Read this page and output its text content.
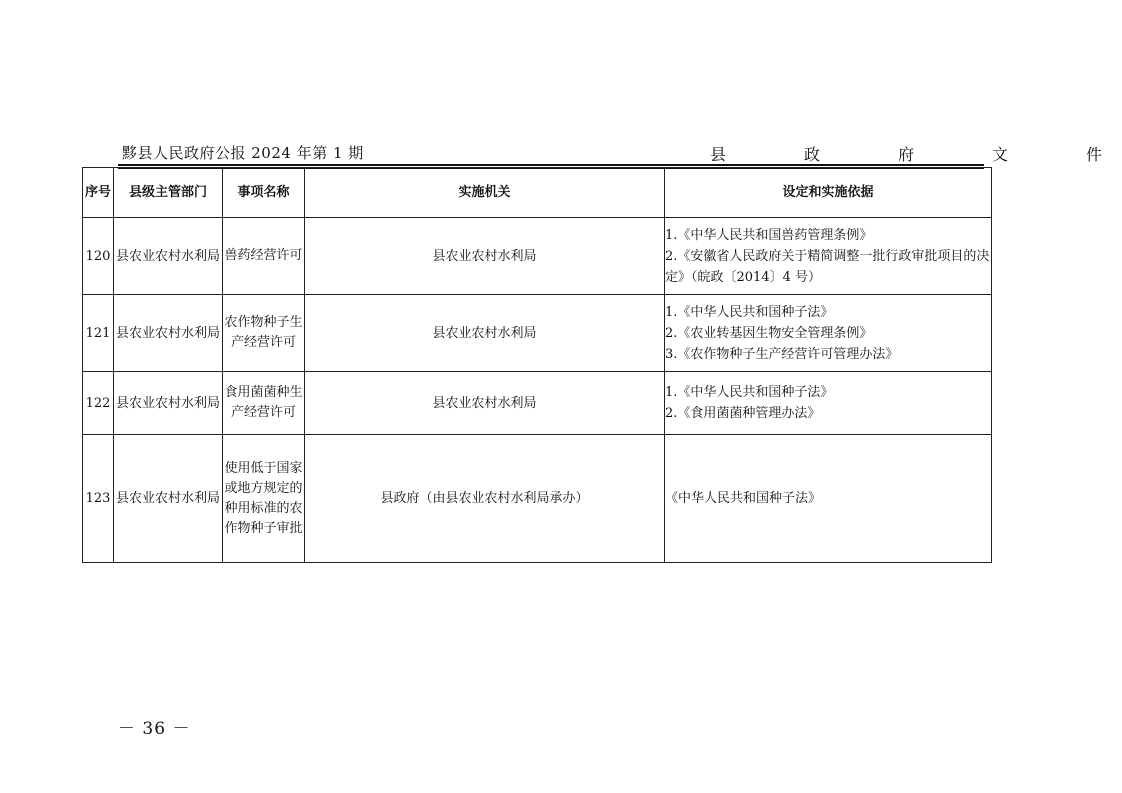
黟县人民政府公报 2024 年第 1 期	县	政	府	文	件
序号	县级主管部门	事项名称	实施机关	设定和实施依据
120	县农业农村水利局	兽药经营许可	县农业农村水利局	1.《中华人民共和国兽药管理条例》
2.《安徽省人民政府关于精简调整一批行政审批项目的决定》（皖政〔2014〕4 号）

121	县农业农村水利局	农作物种子生产经营许可	县农业农村水利局	1.《中华人民共和国种子法》
2.《农业转基因生物安全管理条例》
3.《农作物种子生产经营许可管理办法》

122	县农业农村水利局	食用菌菌种生产经营许可	县农业农村水利局	1.《中华人民共和国种子法》
2.《食用菌菌种管理办法》

123	县农业农村水利局	使用低于国家或地方规定的种用标准的农作物种子审批	县政府（由县农业农村水利局承办）	《中华人民共和国种子法》
－ 36 －
